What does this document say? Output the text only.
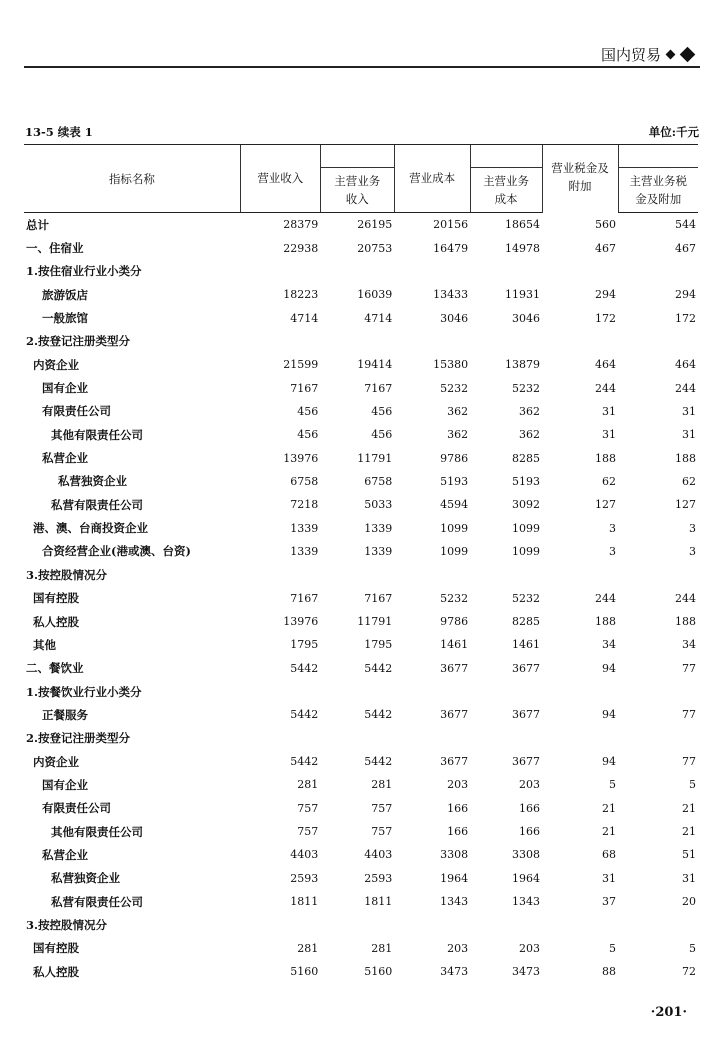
国内贸易
13-5 续表 1	单位:千元
指标名称	营业收入		营业成本		营业税金及附加	

		主营业务收入		主营业务成本		主营业务税金及附加

总计	28379	26195	20156	18654	560	544
一、住宿业	22938	20753	16479	14978	467	467
1.按住宿业行业小类分						
旅游饭店	18223	16039	13433	11931	294	294
一般旅馆	4714	4714	3046	3046	172	172
2.按登记注册类型分						
内资企业	21599	19414	15380	13879	464	464
国有企业	7167	7167	5232	5232	244	244
有限责任公司	456	456	362	362	31	31
其他有限责任公司	456	456	362	362	31	31
私营企业	13976	11791	9786	8285	188	188
私营独资企业	6758	6758	5193	5193	62	62
私营有限责任公司	7218	5033	4594	3092	127	127
港、澳、台商投资企业	1339	1339	1099	1099	3	3
合资经营企业(港或澳、台资)	1339	1339	1099	1099	3	3
3.按控股情况分						
国有控股	7167	7167	5232	5232	244	244
私人控股	13976	11791	9786	8285	188	188
其他	1795	1795	1461	1461	34	34
二、餐饮业	5442	5442	3677	3677	94	77
1.按餐饮业行业小类分						
正餐服务	5442	5442	3677	3677	94	77
2.按登记注册类型分						
内资企业	5442	5442	3677	3677	94	77
国有企业	281	281	203	203	5	5
有限责任公司	757	757	166	166	21	21
其他有限责任公司	757	757	166	166	21	21
私营企业	4403	4403	3308	3308	68	51
私营独资企业	2593	2593	1964	1964	31	31
私营有限责任公司	1811	1811	1343	1343	37	20
3.按控股情况分						
国有控股	281	281	203	203	5	5
私人控股	5160	5160	3473	3473	88	72
·201·
